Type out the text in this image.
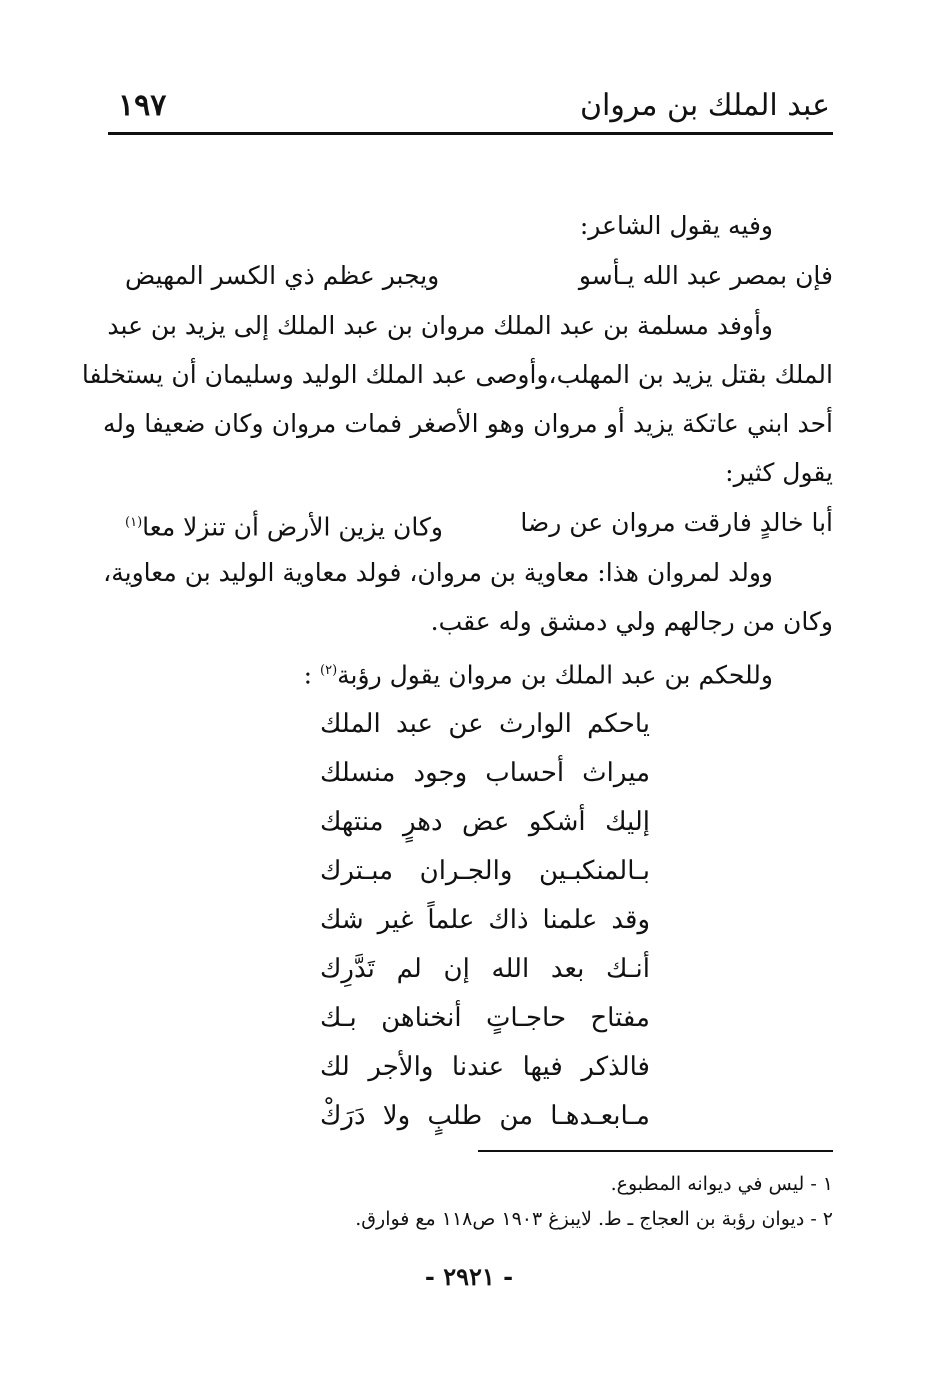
عبد الملك بن مروان
١٩٧
وفيه يقول الشاعر:
فإن بمصر عبد الله يـأسو
ويجبر عظم ذي الكسر المهيض
وأوفد مسلمة بن عبد الملك مروان بن عبد الملك إلى يزيد بن عبد
الملك بقتل يزيد بن المهلب،وأوصى عبد الملك الوليد وسليمان أن يستخلفا
أحد ابني عاتكة يزيد أو مروان وهو الأصغر فمات مروان وكان ضعيفا وله
يقول كثير:
أبا خالدٍ فارقت مروان عن رضا
وكان يزين الأرض أن تنزلا معا$^{(١)}$
وولد لمروان هذا: معاوية بن مروان، فولد معاوية الوليد بن معاوية،
وكان من رجالهم ولي دمشق وله عقب.
وللحكم بن عبد الملك بن مروان يقول رؤبة$^{(٢)}$ :
ياحكم الوارث عن عبد الملك
ميراث أحساب وجود منسلك
إليك أشكو عض دهرٍ منتهك
بـالمنكبـين والجـران مبـترك
وقد علمنا ذاك علماً غير شك
أنـك بعد الله إن لم تَدَّرِك
مفتاح حاجـاتٍ أنخناهن بـك
فالذكر فيها عندنا والأجر لك
مـابعـدهـا من طلبٍ ولا دَرَكْ
١ - ليس في ديوانه المطبوع.
٢ - ديوان رؤبة بن العجاج ـ ط. لايبزغ ١٩٠٣ ص١١٨ مع فوارق.
- ٢٩٢١ -
